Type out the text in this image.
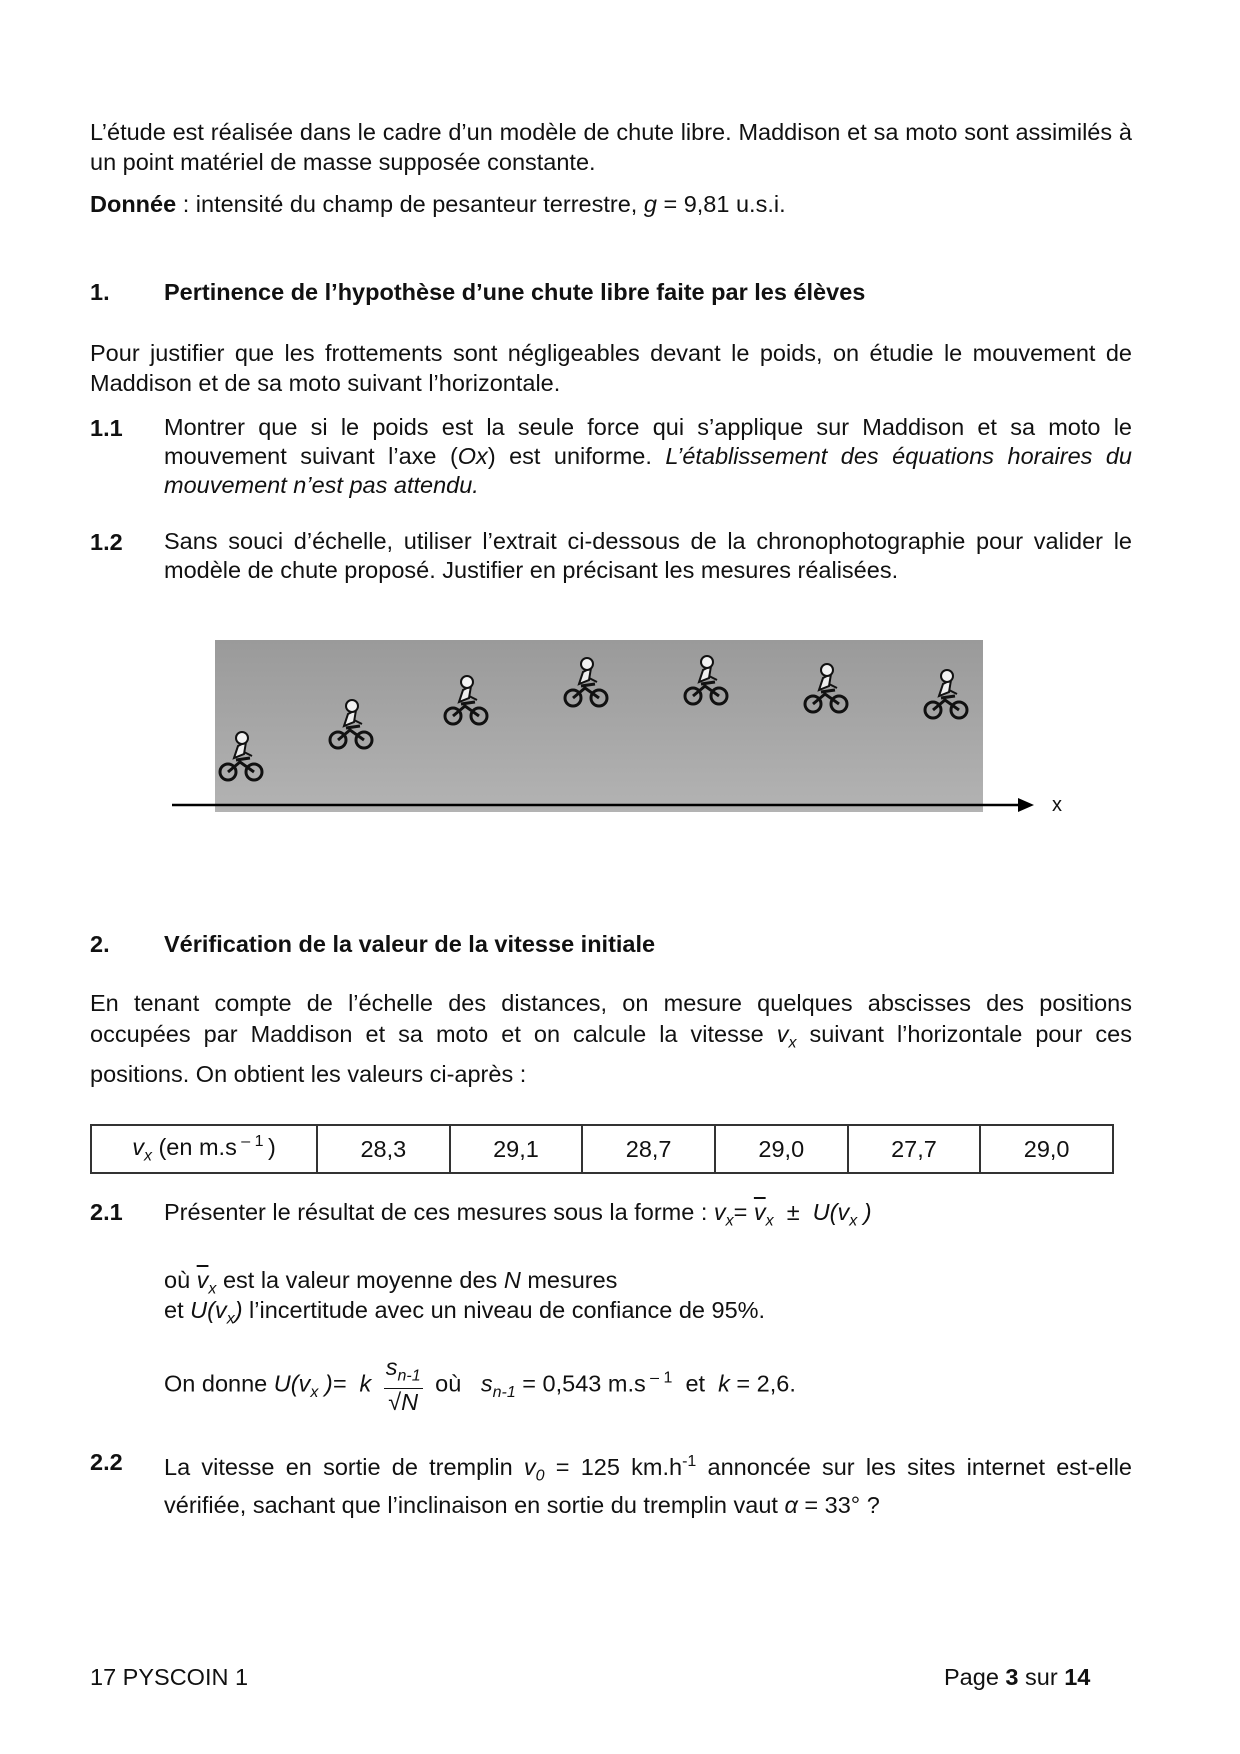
L’étude est réalisée dans le cadre d’un modèle de chute libre. Maddison et sa moto sont assimilés à un point matériel de masse supposée constante.
Donnée : intensité du champ de pesanteur terrestre, g = 9,81 u.s.i.
1. Pertinence de l’hypothèse d’une chute libre faite par les élèves
Pour justifier que les frottements sont négligeables devant le poids, on étudie le mouvement de Maddison et de sa moto suivant l’horizontale.
1.1 Montrer que si le poids est la seule force qui s’applique sur Maddison et sa moto le mouvement suivant l’axe (Ox) est uniforme. L’établissement des équations horaires du mouvement n’est pas attendu.
1.2 Sans souci d’échelle, utiliser l’extrait ci-dessous de la chronophotographie pour valider le modèle de chute proposé. Justifier en précisant les mesures réalisées.
x
2. Vérification de la valeur de la vitesse initiale
En tenant compte de l’échelle des distances, on mesure quelques abscisses des positions occupées par Maddison et sa moto et on calcule la vitesse $v_x$ suivant l’horizontale pour ces positions. On obtient les valeurs ci-après :
$v_x$ (en m.s $^{- 1}$ )	28,3	29,1	28,7	29,0	27,7	29,0
2.1 Présenter le résultat de ces mesures sous la forme : $v_x= \overline{v}_x \pm U(v_x$ )
où $\overline{v}_x$ est la valeur moyenne des N mesures
et $U(v_x)$ l’incertitude avec un niveau de confiance de 95%.
On donne $U(v_x$ )=  k $\frac{s_{n-1}}{√N}$ où $s_{n-1} = 0,543$ m.s $^{- 1}$  et  k = 2,6.
2.2 La vitesse en sortie de tremplin $v_0 = 125$ $km.h^{-1}$ annoncée sur les sites internet est-elle vérifiée, sachant que l’inclinaison en sortie du tremplin vaut α = 33° ?
17 PYSCOIN 1	Page 3 sur 14
